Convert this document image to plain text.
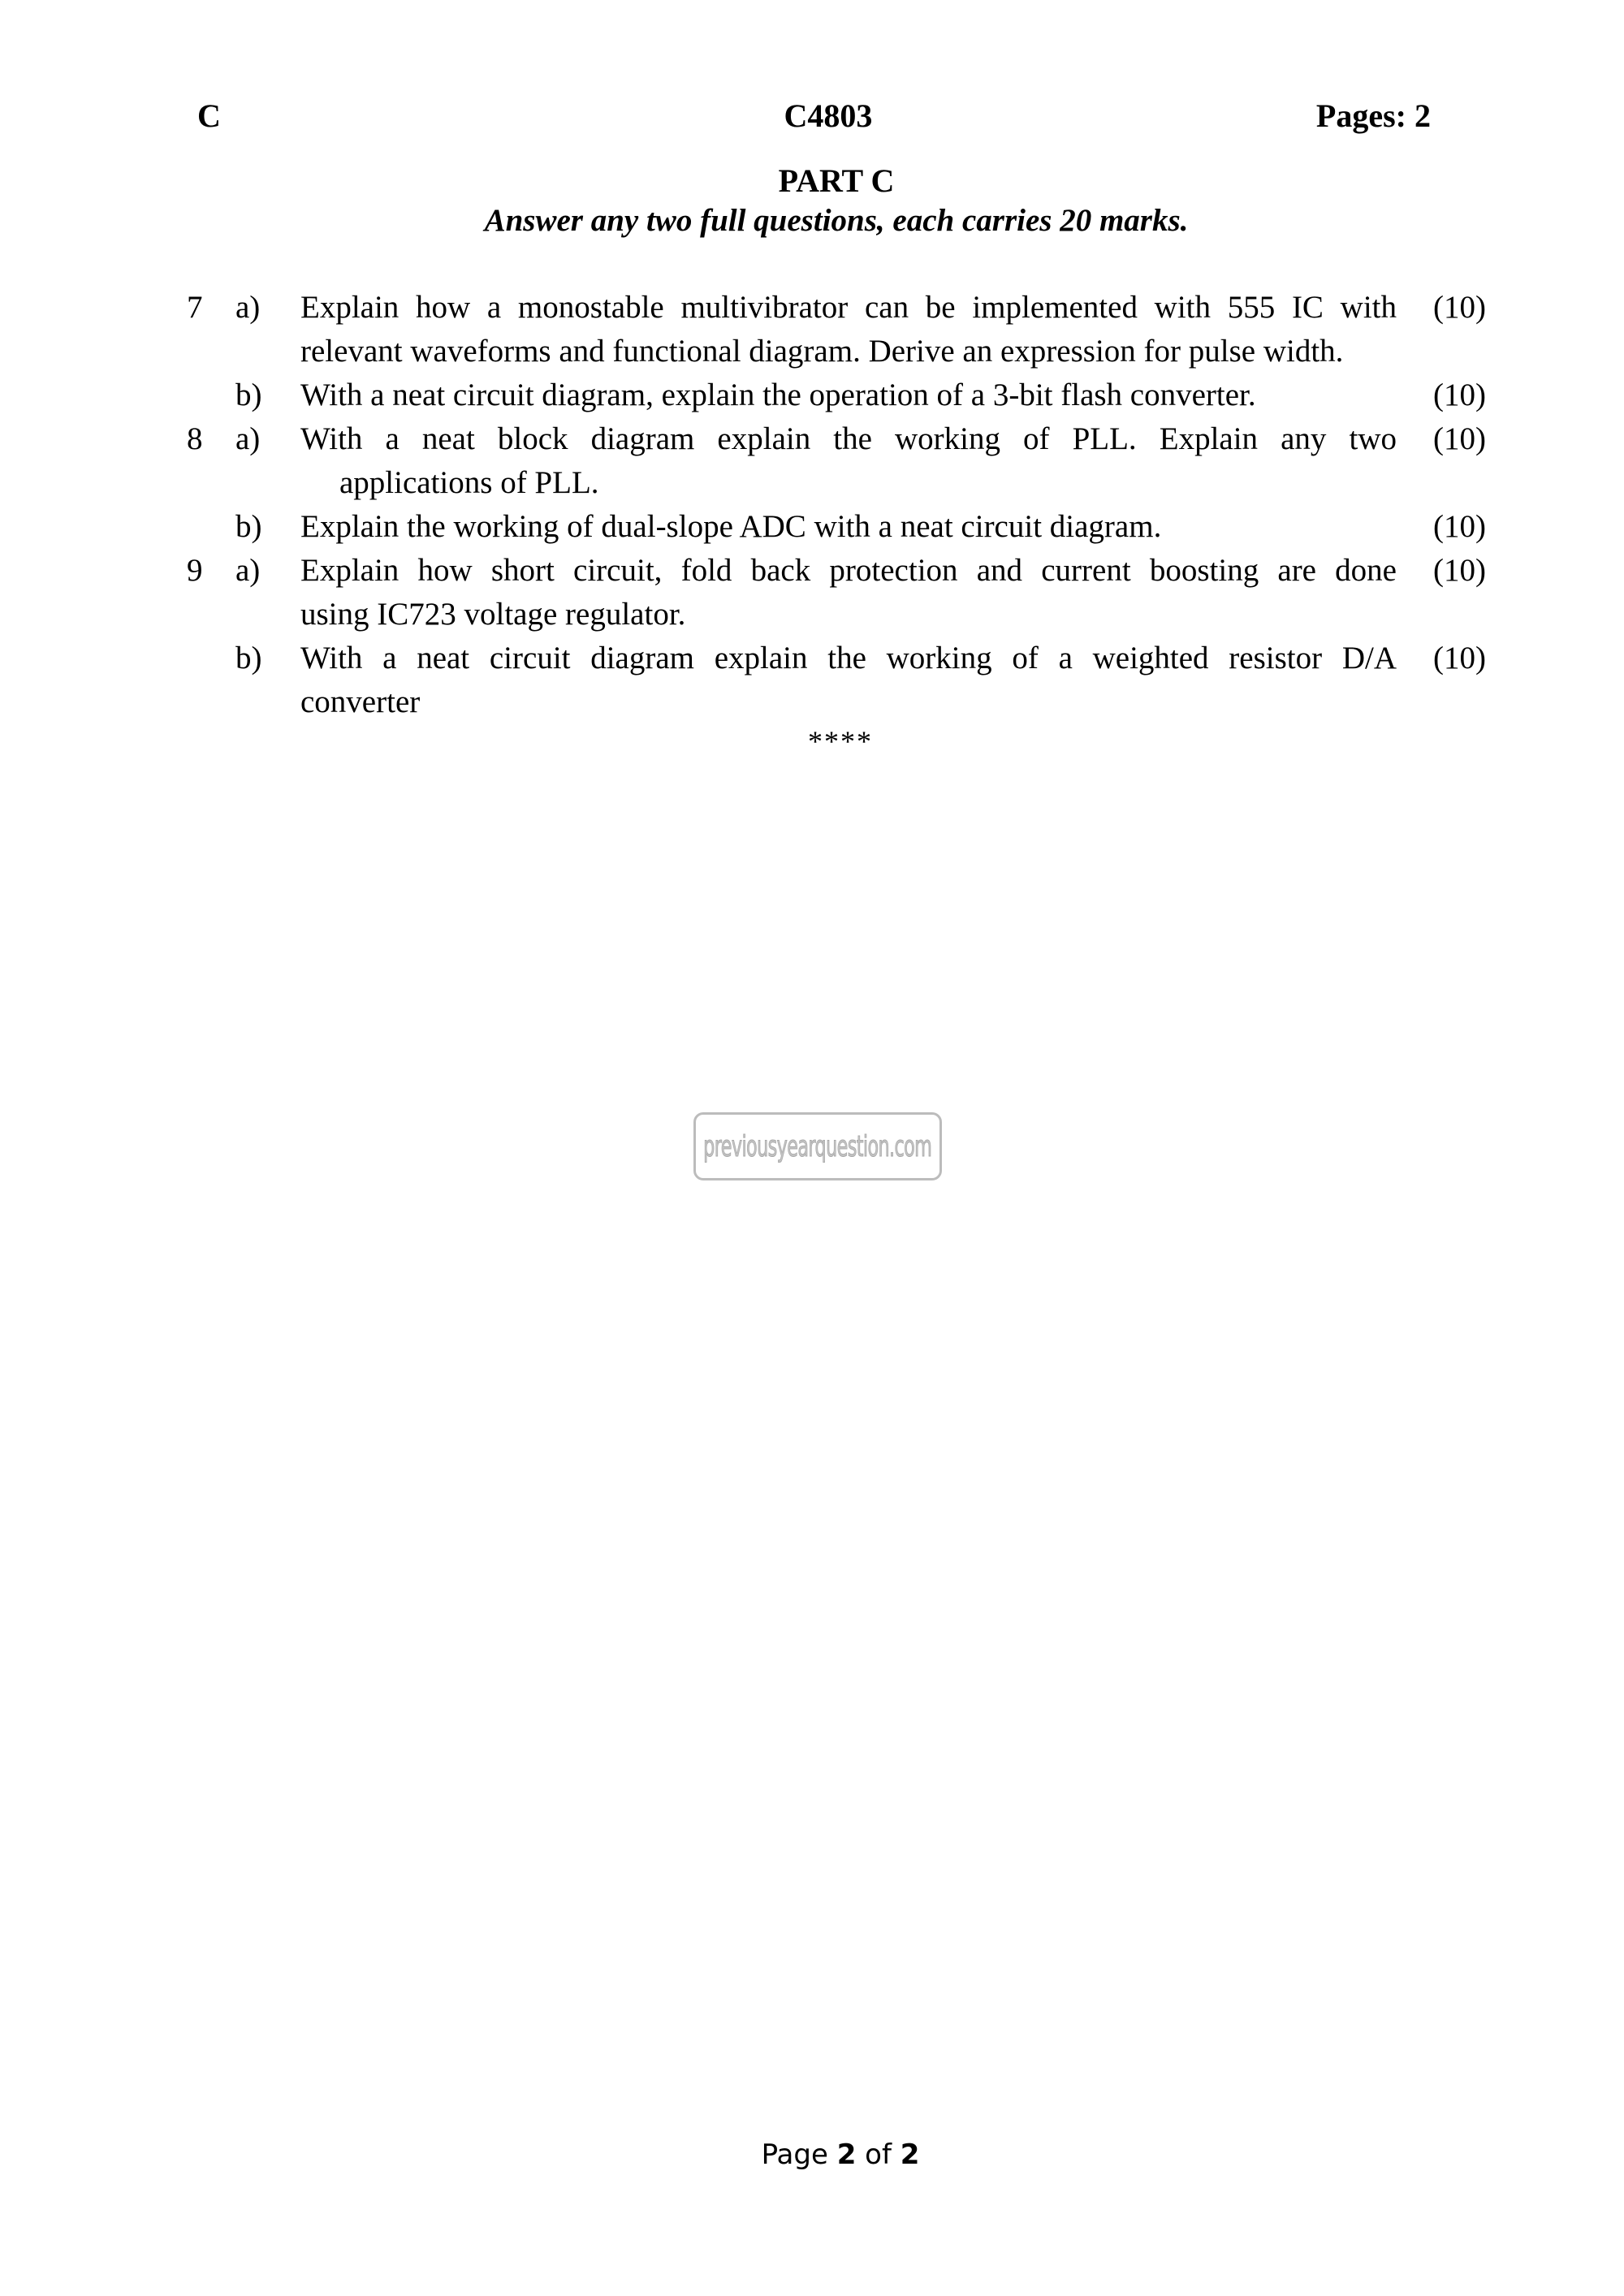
C	C4803	Pages: 2
PART C
Answer any two full questions, each carries 20 marks.
7	a)	Explain how a monostable multivibrator can be implemented with 555 IC with
relevant waveforms and functional diagram. Derive an expression for pulse width.
(10)
b)	With a neat circuit diagram, explain the operation of a 3-bit flash converter.	(10)
8	a)	With a neat block diagram explain the working of PLL. Explain any two
applications of PLL.
(10)
b)	Explain the working of dual-slope ADC with a neat circuit diagram.	(10)
9	a)	Explain how short circuit, fold back protection and current boosting are done
using IC723 voltage regulator.
(10)
b)	With a neat circuit diagram explain the working of a weighted resistor D/A
converter
(10)
****
previousyearquestion.com
Page 2 of 2
